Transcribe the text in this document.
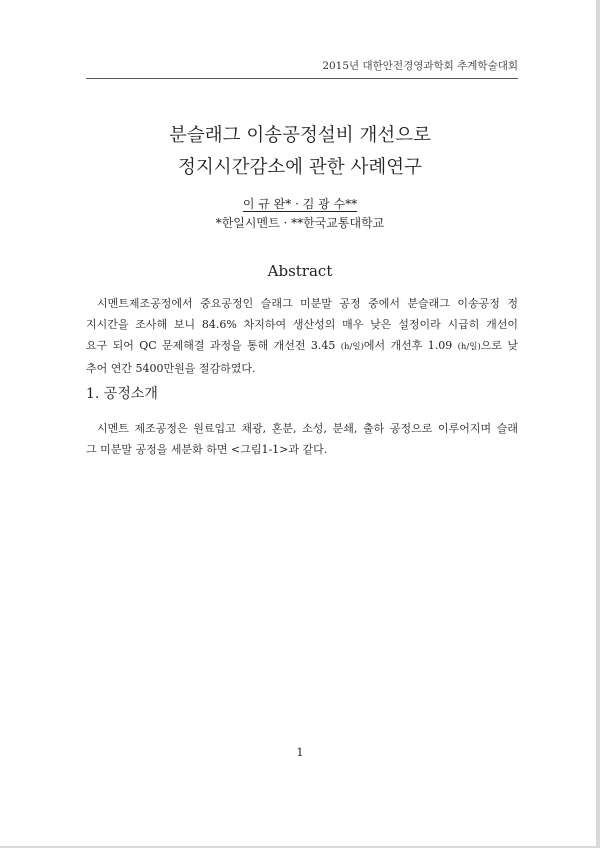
2015년 대한안전경영과학회 추계학술대회
분슬래그 이송공정설비 개선으로
정지시간감소에 관한 사례연구
이 규 완* · 김 광 수**
*한일시멘트 · **한국교통대학교
Abstract
시멘트제조공정에서 중요공정인 슬래그 미분말 공정 중에서 분슬래그 이송공정 정
지시간을 조사해 보니 84.6% 차지하여 생산성의 매우 낮은 설정이라 시급히 개선이
요구 되어 QC 문제해결 과정을 통해 개선전 3.45 (h/일)에서 개선후 1.09 (h/일)으로 낮
추어 연간 5400만원을 절감하였다.
1. 공정소개
시멘트 제조공정은 원료입고 채광, 혼분, 소성, 분쇄, 출하 공정으로 이루어지며 슬래
그 미분말 공정을 세분화 하면 <그림1-1>과 같다.
1
